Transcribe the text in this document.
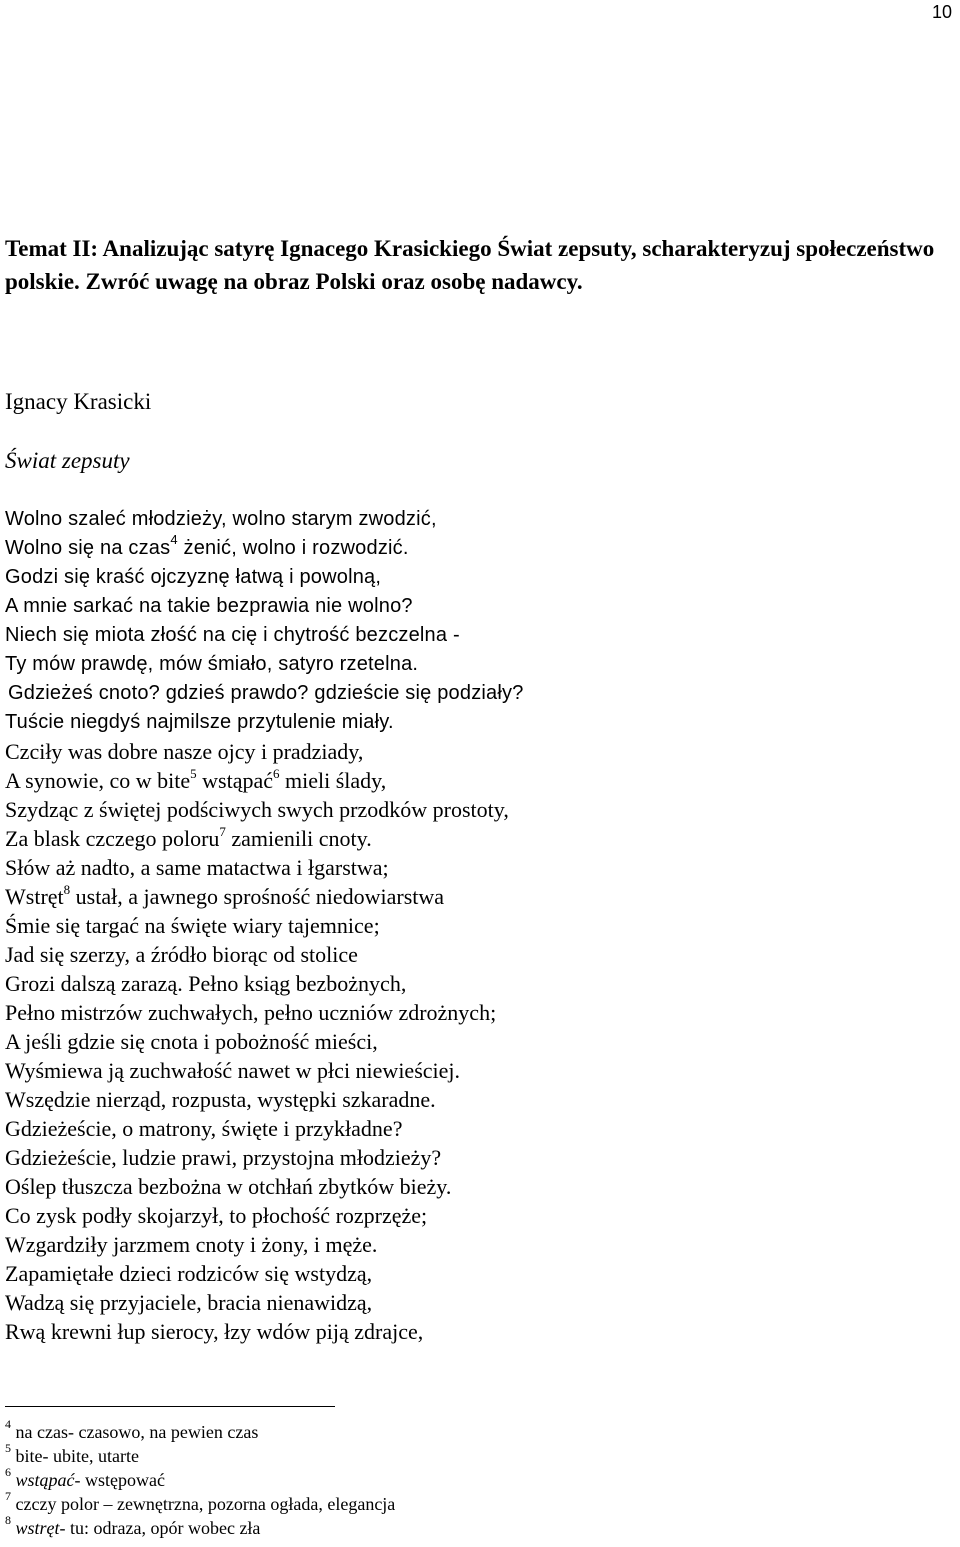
10
Temat II: Analizując satyrę Ignacego Krasickiego Świat zepsuty, scharakteryzuj społeczeństwo polskie. Zwróć uwagę na obraz Polski oraz osobę nadawcy.
Ignacy Krasicki
Świat zepsuty
Wolno szaleć młodzieży, wolno starym zwodzić,
Wolno się na czas$^4$ żenić, wolno i rozwodzić.
Godzi się kraść ojczyznę łatwą i powolną,
A mnie sarkać na takie bezprawia nie wolno?
Niech się miota złość na cię i chytrość bezczelna -
Ty mów prawdę, mów śmiało, satyro rzetelna.
Gdzieżeś cnoto? gdzieś prawdo? gdzieście się podziały?
Tuście niegdyś najmilsze przytulenie miały.
Czciły was dobre nasze ojcy i pradziady,
A synowie, co w bite$^5$ wstąpać$^6$ mieli ślady,
Szydząc z świętej podściwych swych przodków prostoty,
Za blask czczego poloru$^7$ zamienili cnoty.
Słów aż nadto, a same matactwa i łgarstwa;
Wstręt$^8$ ustał, a jawnego sprośność niedowiarstwa
Śmie się targać na święte wiary tajemnice;
Jad się szerzy, a źródło biorąc od stolice
Grozi dalszą zarazą. Pełno ksiąg bezbożnych,
Pełno mistrzów zuchwałych, pełno uczniów zdrożnych;
A jeśli gdzie się cnota i pobożność mieści,
Wyśmiewa ją zuchwałość nawet w płci niewieściej.
Wszędzie nierząd, rozpusta, występki szkaradne.
Gdzieżeście, o matrony, święte i przykładne?
Gdzieżeście, ludzie prawi, przystojna młodzieży?
Oślep tłuszcza bezbożna w otchłań zbytków bieży.
Co zysk podły skojarzył, to płochość rozprzęże;
Wzgardziły jarzmem cnoty i żony, i męże.
Zapamiętałe dzieci rodziców się wstydzą,
Wadzą się przyjaciele, bracia nienawidzą,
Rwą krewni łup sierocy, łzy wdów piją zdrajce,
$^4$ na czas- czasowo, na pewien czas
$^5$ bite- ubite, utarte
$^6$ wstąpać- wstępować
$^7$ czczy polor – zewnętrzna, pozorna ogłada, elegancja
$^8$ wstręt- tu: odraza, opór wobec zła
